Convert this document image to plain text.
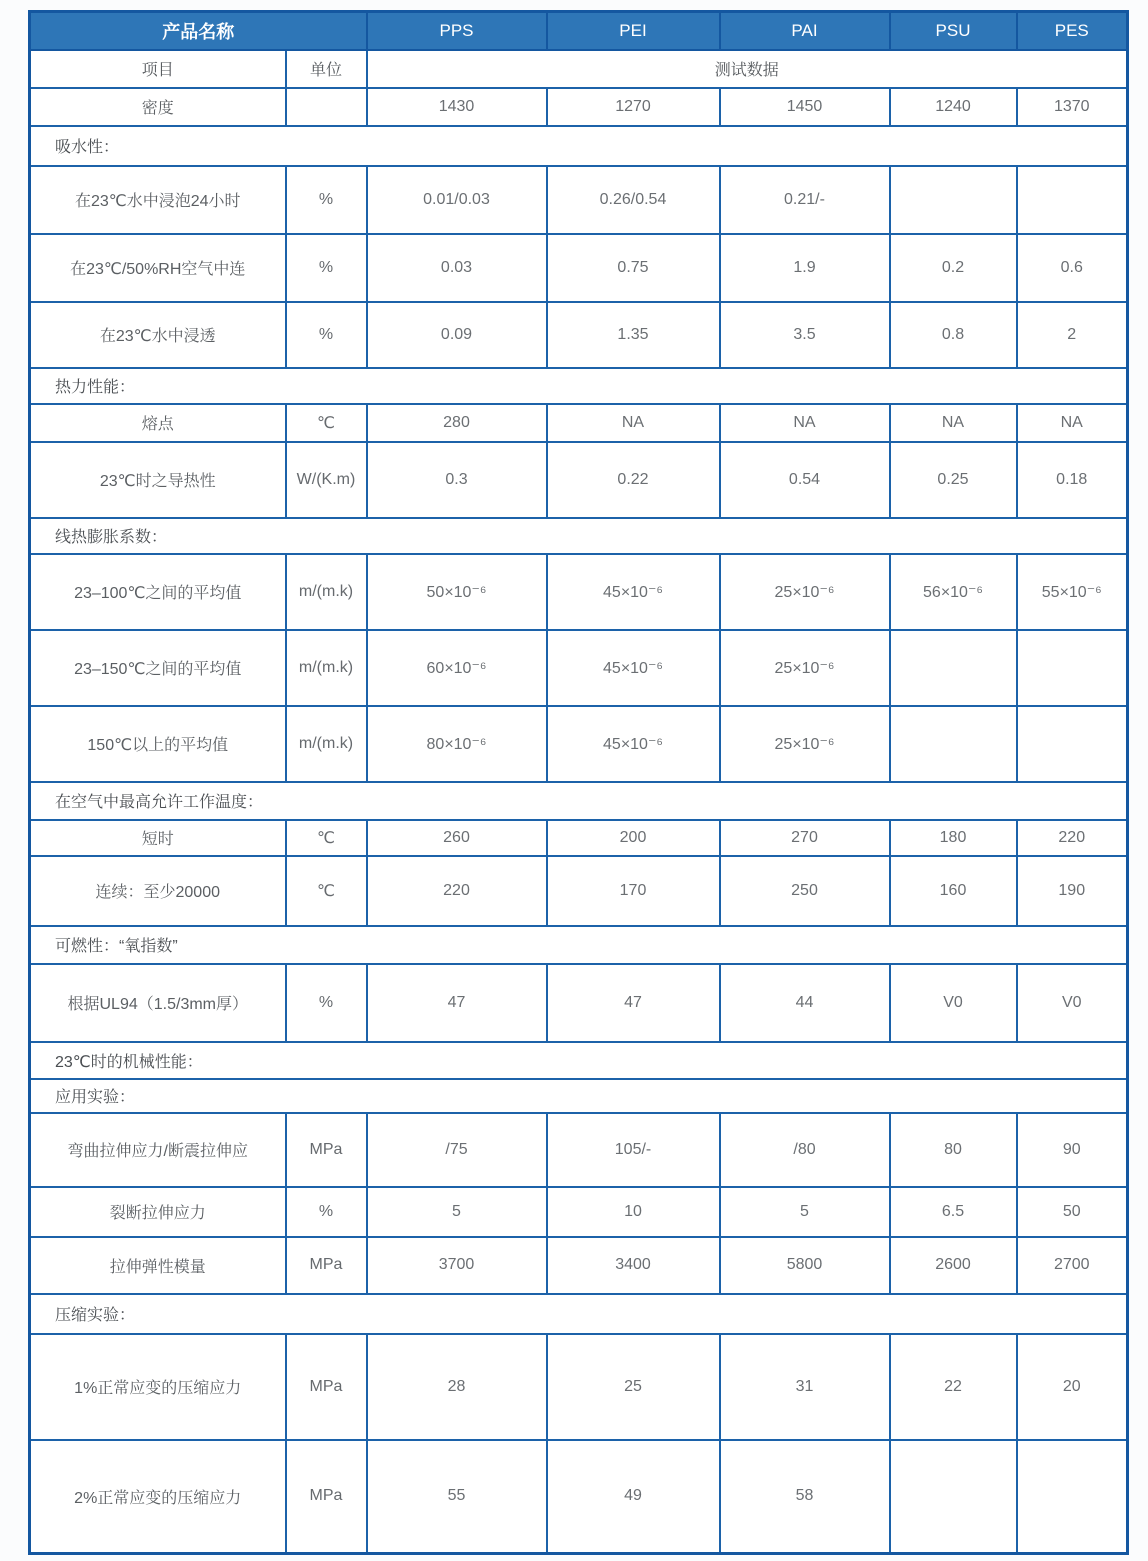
产品名称		PPS	PEI	PAI	PSU	PES
项目	单位	测试数据				
密度		1430	1270	1450	1240	1370
吸水性：						
在23℃水中浸泡24小时	%	0.01/0.03	0.26/0.54	0.21/-		
在23℃/50%RH空气中连	%	0.03	0.75	1.9	0.2	0.6
在23℃水中浸透	%	0.09	1.35	3.5	0.8	2
热力性能：						
熔点	℃	280	NA	NA	NA	NA
23℃时之导热性	W/(K.m)	0.3	0.22	0.54	0.25	0.18
线热膨胀系数：						
23–100℃之间的平均值	m/(m.k)	50×10⁻⁶	45×10⁻⁶	25×10⁻⁶	56×10⁻⁶	55×10⁻⁶
23–150℃之间的平均值	m/(m.k)	60×10⁻⁶	45×10⁻⁶	25×10⁻⁶		
150℃以上的平均值	m/(m.k)	80×10⁻⁶	45×10⁻⁶	25×10⁻⁶		
在空气中最高允许工作温度：						
短时	℃	260	200	270	180	220
连续：至少20000	℃	220	170	250	160	190
可燃性：“氧指数”						
根据UL94（1.5/3mm厚）	%	47	47	44	V0	V0
23℃时的机械性能：						
应用实验：						
弯曲拉伸应力/断震拉伸应	MPa	/75	105/-	/80	80	90
裂断拉伸应力	%	5	10	5	6.5	50
拉伸弹性模量	MPa	3700	3400	5800	2600	2700
压缩实验：						
1%正常应变的压缩应力	MPa	28	25	31	22	20
2%正常应变的压缩应力	MPa	55	49	58		
